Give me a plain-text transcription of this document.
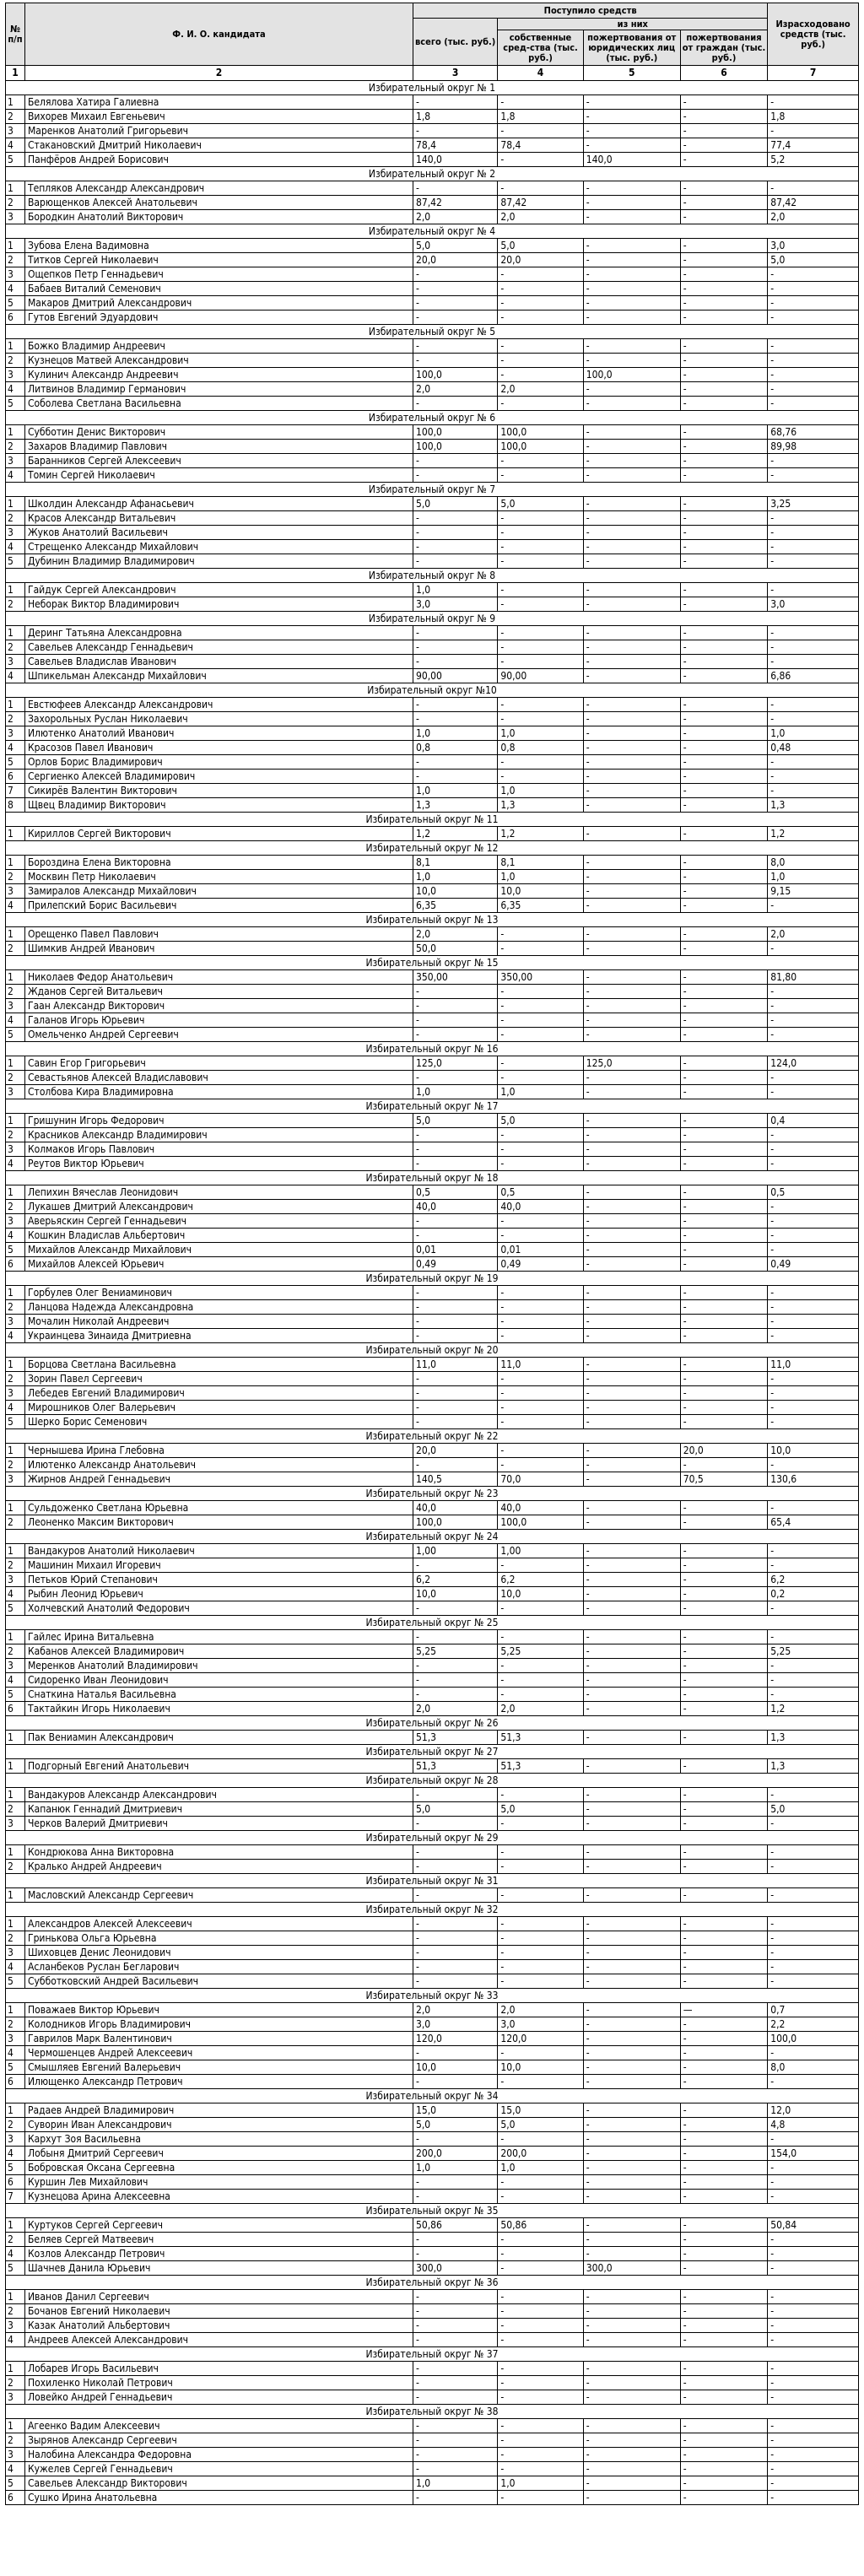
№ п/п	Ф. И. О. кандидата	Поступило средств				Израсходовано средств (тыс. руб.)
		всего (тыс. руб.)	из них			
			собственные сред-ства (тыс. руб.)	пожертвования от юридических лиц (тыс. руб.)	пожертвования от граждан (тыс. руб.)	
1	2	3	4	5	6	7
Избирательный округ № 1						
1	Белялова Хатира Галиевна	-	-	-	-	-
2	Вихорев Михаил Евгеньевич	1,8	1,8	-	-	1,8
3	Маренков Анатолий Григорьевич	-	-	-	-	-
4	Стакановский Дмитрий Николаевич	78,4	78,4	-	-	77,4
5	Панфёров Андрей Борисович	140,0	-	140,0	-	5,2
Избирательный округ № 2						
1	Тепляков Александр Александрович	-	-	-	-	-
2	Варющенков Алексей Анатольевич	87,42	87,42	-	-	87,42
3	Бородкин Анатолий Викторович	2,0	2,0	-	-	2,0
Избирательный округ № 4						
1	Зубова Елена Вадимовна	5,0	5,0	-	-	3,0
2	Титков Сергей Николаевич	20,0	20,0	-	-	5,0
3	Ощепков Петр Геннадьевич	-	-	-	-	-
4	Бабаев Виталий Семенович	-	-	-	-	-
5	Макаров Дмитрий Александрович	-	-	-	-	-
6	Гутов Евгений Эдуардович	-	-	-	-	-
Избирательный округ № 5						
1	Божко Владимир Андреевич	-	-	-	-	-
2	Кузнецов Матвей Александрович	-	-	-	-	-
3	Кулинич Александр Андреевич	100,0	-	100,0	-	-
4	Литвинов Владимир Германович	2,0	2,0	-	-	-
5	Соболева Светлана Васильевна	-	-	-	-	-
Избирательный округ № 6						
1	Субботин Денис Викторович	100,0	100,0	-	-	68,76
2	Захаров Владимир Павлович	100,0	100,0	-	-	89,98
3	Баранников Сергей Алексеевич	-	-	-	-	-
4	Томин Сергей Николаевич	-	-	-	-	-
Избирательный округ № 7						
1	Школдин Александр Афанасьевич	5,0	5,0	-	-	3,25
2	Красов Александр Витальевич	-	-	-	-	-
3	Жуков Анатолий Васильевич	-	-	-	-	-
4	Стрещенко Александр Михайлович	-	-	-	-	-
5	Дубинин Владимир Владимирович	-	-	-	-	-
Избирательный округ № 8						
1	Гайдук Сергей Александрович	1,0	-	-	-	-
2	Неборак Виктор Владимирович	3,0	-	-	-	3,0
Избирательный округ № 9						
1	Деринг Татьяна Александровна	-	-	-	-	-
2	Савельев Александр Геннадьевич	-	-	-	-	-
3	Савельев Владислав Иванович	-	-	-	-	-
4	Шпикельман Александр Михайлович	90,00	90,00	-	-	6,86
Избирательный округ №10						
1	Евстюфеев Александр Александрович	-	-	-	-	-
2	Захорольных Руслан Николаевич	-	-	-	-	-
3	Илютенко Анатолий Иванович	1,0	1,0	-	-	1,0
4	Красозов Павел Иванович	0,8	0,8	-	-	0,48
5	Орлов Борис Владимирович	-	-	-	-	-
6	Сергиенко Алексей Владимирович	-	-	-	-	-
7	Сикирёв Валентин Викторович	1,0	1,0	-	-	-
8	Щвец Владимир Викторович	1,3	1,3	-	-	1,3
Избирательный округ № 11						
1	Кириллов Сергей Викторович	1,2	1,2	-	-	1,2
Избирательный округ № 12						
1	Бороздина Елена Викторовна	8,1	8,1	-	-	8,0
2	Москвин Петр Николаевич	1,0	1,0	-	-	1,0
3	Замиралов Александр Михайлович	10,0	10,0	-	-	9,15
4	Прилепский Борис Васильевич	6,35	6,35	-	-	-
Избирательный округ № 13						
1	Орещенко Павел Павлович	2,0	-	-	-	2,0
2	Шимкив Андрей Иванович	50,0	-	-	-	-
Избирательный округ № 15						
1	Николаев Федор Анатольевич	350,00	350,00	-	-	81,80
2	Жданов Сергей Витальевич	-	-	-	-	-
3	Гаан Александр Викторович	-	-	-	-	-
4	Галанов Игорь Юрьевич	-	-	-	-	-
5	Омельченко Андрей Сергеевич	-	-	-	-	-
Избирательный округ № 16						
1	Савин Егор Григорьевич	125,0	-	125,0	-	124,0
2	Севастьянов Алексей Владиславович	-	-	-	-	-
3	Столбова Кира Владимировна	1,0	1,0	-	-	-
Избирательный округ № 17						
1	Гришунин Игорь Федорович	5,0	5,0	-	-	0,4
2	Красников Александр Владимирович	-	-	-	-	-
3	Колмаков Игорь Павлович	-	-	-	-	-
4	Реутов Виктор Юрьевич	-	-	-	-	-
Избирательный округ № 18						
1	Лепихин Вячеслав Леонидович	0,5	0,5	-	-	0,5
2	Лукашев Дмитрий Александрович	40,0	40,0	-	-	-
3	Аверьяскин Сергей Геннадьевич	-	-	-	-	-
4	Кошкин Владислав Альбертович	-	-	-	-	-
5	Михайлов Александр Михайлович	0,01	0,01	-	-	-
6	Михайлов Алексей Юрьевич	0,49	0,49	-	-	0,49
Избирательный округ № 19						
1	Горбулев Олег Вениаминович	-	-	-	-	-
2	Ланцова Надежда Александровна	-	-	-	-	-
3	Мочалин Николай Андреевич	-	-	-	-	-
4	Украинцева Зинаида Дмитриевна	-	-	-	-	-
Избирательный округ № 20						
1	Борцова Светлана Васильевна	11,0	11,0	-	-	11,0
2	Зорин Павел Сергеевич	-	-	-	-	-
3	Лебедев Евгений Владимирович	-	-	-	-	-
4	Мирошников Олег Валерьевич	-	-	-	-	-
5	Шерко Борис Семенович	-	-	-	-	-
Избирательный округ № 22						
1	Чернышева Ирина Глебовна	20,0	-	-	20,0	10,0
2	Илютенко Александр Анатольевич	-	-	-	-	-
3	Жирнов Андрей Геннадьевич	140,5	70,0	-	70,5	130,6
Избирательный округ № 23						
1	Сульдоженко Светлана Юрьевна	40,0	40,0	-	-	-
2	Леоненко Максим Викторович	100,0	100,0	-	-	65,4
Избирательный округ № 24						
1	Вандакуров Анатолий Николаевич	1,00	1,00	-	-	-
2	Машинин Михаил Игоревич	-	-	-	-	-
3	Петьков Юрий Степанович	6,2	6,2	-	-	6,2
4	Рыбин Леонид Юрьевич	10,0	10,0	-	-	0,2
5	Холчевский Анатолий Федорович	-	-	-	-	-
Избирательный округ № 25						
1	Гайлес Ирина Витальевна	-	-	-	-	-
2	Кабанов Алексей Владимирович	5,25	5,25	-	-	5,25
3	Меренков Анатолий Владимирович	-	-	-	-	-
4	Сидоренко Иван Леонидович	-	-	-	-	-
5	Снаткина Наталья Васильевна	-	-	-	-	-
6	Тактайкин Игорь Николаевич	2,0	2,0	-	-	1,2
Избирательный округ № 26						
1	Пак Вениамин Александрович	51,3	51,3	-	-	1,3
Избирательный округ № 27						
1	Подгорный Евгений Анатольевич	51,3	51,3	-	-	1,3
Избирательный округ № 28						
1	Вандакуров Александр Александрович	-	-	-	-	-
2	Капанюк Геннадий Дмитриевич	5,0	5,0	-	-	5,0
3	Черков Валерий Дмитриевич	-	-	-	-	-
Избирательный округ № 29						
1	Кондрюкова Анна Викторовна	-	-	-	-	-
2	Кралько Андрей Андреевич	-	-	-	-	-
Избирательный округ № 31						
1	Масловский Александр Сергеевич	-	-	-	-	-
Избирательный округ № 32						
1	Александров Алексей Алексеевич	-	-	-	-	-
2	Гринькова Ольга Юрьевна	-	-	-	-	-
3	Шиховцев Денис Леонидович	-	-	-	-	-
4	Асланбеков Руслан Бегларович	-	-	-	-	-
5	Субботковский Андрей Васильевич	-	-	-	-	-
Избирательный округ № 33						
1	Поважаев Виктор Юрьевич	2,0	2,0	-	—	0,7
2	Колодников Игорь Владимирович	3,0	3,0	-	-	2,2
3	Гаврилов Марк Валентинович	120,0	120,0	-	-	100,0
4	Чермошенцев Андрей Алексеевич	-	-	-	-	-
5	Смышляев Евгений Валерьевич	10,0	10,0	-	-	8,0
6	Илющенко Александр Петрович	-	-	-	-	-
Избирательный округ № 34						
1	Радаев Андрей Владимирович	15,0	15,0	-	-	12,0
2	Суворин Иван Александрович	5,0	5,0	-	-	4,8
3	Кархут Зоя Васильевна	-	-	-	-	-
4	Лобыня Дмитрий Сергеевич	200,0	200,0	-	-	154,0
5	Бобровская Оксана Сергеевна	1,0	1,0	-	-	-
6	Куршин Лев Михайлович	-	-	-	-	-
7	Кузнецова Арина Алексеевна	-	-	-	-	-
Избирательный округ № 35						
1	Куртуков Сергей Сергеевич	50,86	50,86	-	-	50,84
2	Беляев Сергей Матвеевич	-	-	-	-	-
4	Козлов Александр Петрович	-	-	-	-	-
5	Шачнев Данила Юрьевич	300,0	-	300,0	-	-
Избирательный округ № 36						
1	Иванов Данил Сергеевич	-	-	-	-	-
2	Бочанов Евгений Николаевич	-	-	-	-	-
3	Казак Анатолий Альбертович	-	-	-	-	-
4	Андреев Алексей Александрович	-	-	-	-	-
Избирательный округ № 37						
1	Лобарев Игорь Васильевич	-	-	-	-	-
2	Похиленко Николай Петрович	-	-	-	-	-
3	Ловейко Андрей Геннадьевич	-	-	-	-	-
Избирательный округ № 38						
1	Агеенко Вадим Алексеевич	-	-	-	-	-
2	Зырянов Александр Сергеевич	-	-	-	-	-
3	Налобина Александра Федоровна	-	-	-	-	-
4	Кужелев Сергей Геннадьевич	-	-	-	-	-
5	Савельев Александр Викторович	1,0	1,0	-	-	-
6	Сушко Ирина Анатольевна	-	-	-	-	-
